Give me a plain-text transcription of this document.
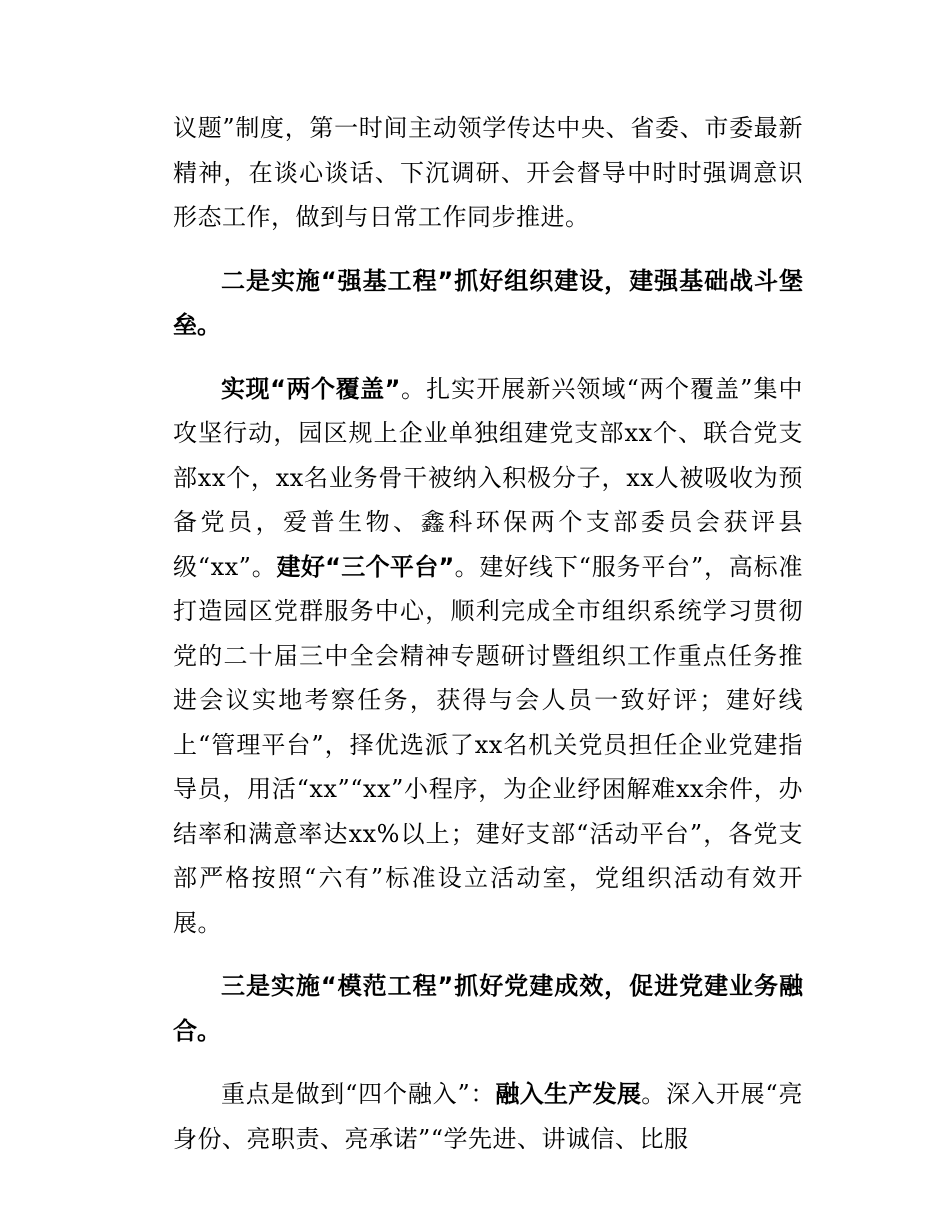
议题”制度，第一时间主动领学传达中央、省委、市委最新精神，在谈心谈话、下沉调研、开会督导中时时强调意识形态工作，做到与日常工作同步推进。

二是实施“强基工程”抓好组织建设，建强基础战斗堡垒。

实现“两个覆盖”。扎实开展新兴领域“两个覆盖”集中攻坚行动，园区规上企业单独组建党支部xx个、联合党支部xx个，xx名业务骨干被纳入积极分子，xx人被吸收为预备党员，爱普生物、鑫科环保两个支部委员会获评县级“xx”。建好“三个平台”。建好线下“服务平台”，高标准打造园区党群服务中心，顺利完成全市组织系统学习贯彻党的二十届三中全会精神专题研讨暨组织工作重点任务推进会议实地考察任务，获得与会人员一致好评；建好线上“管理平台”，择优选派了xx名机关党员担任企业党建指导员，用活“xx”“xx”小程序，为企业纾困解难xx余件，办结率和满意率达xx%以上；建好支部“活动平台”，各党支部严格按照“六有”标准设立活动室，党组织活动有效开展。

三是实施“模范工程”抓好党建成效，促进党建业务融合。

重点是做到“四个融入”：融入生产发展。深入开展“亮身份、亮职责、亮承诺”“学先进、讲诚信、比服
